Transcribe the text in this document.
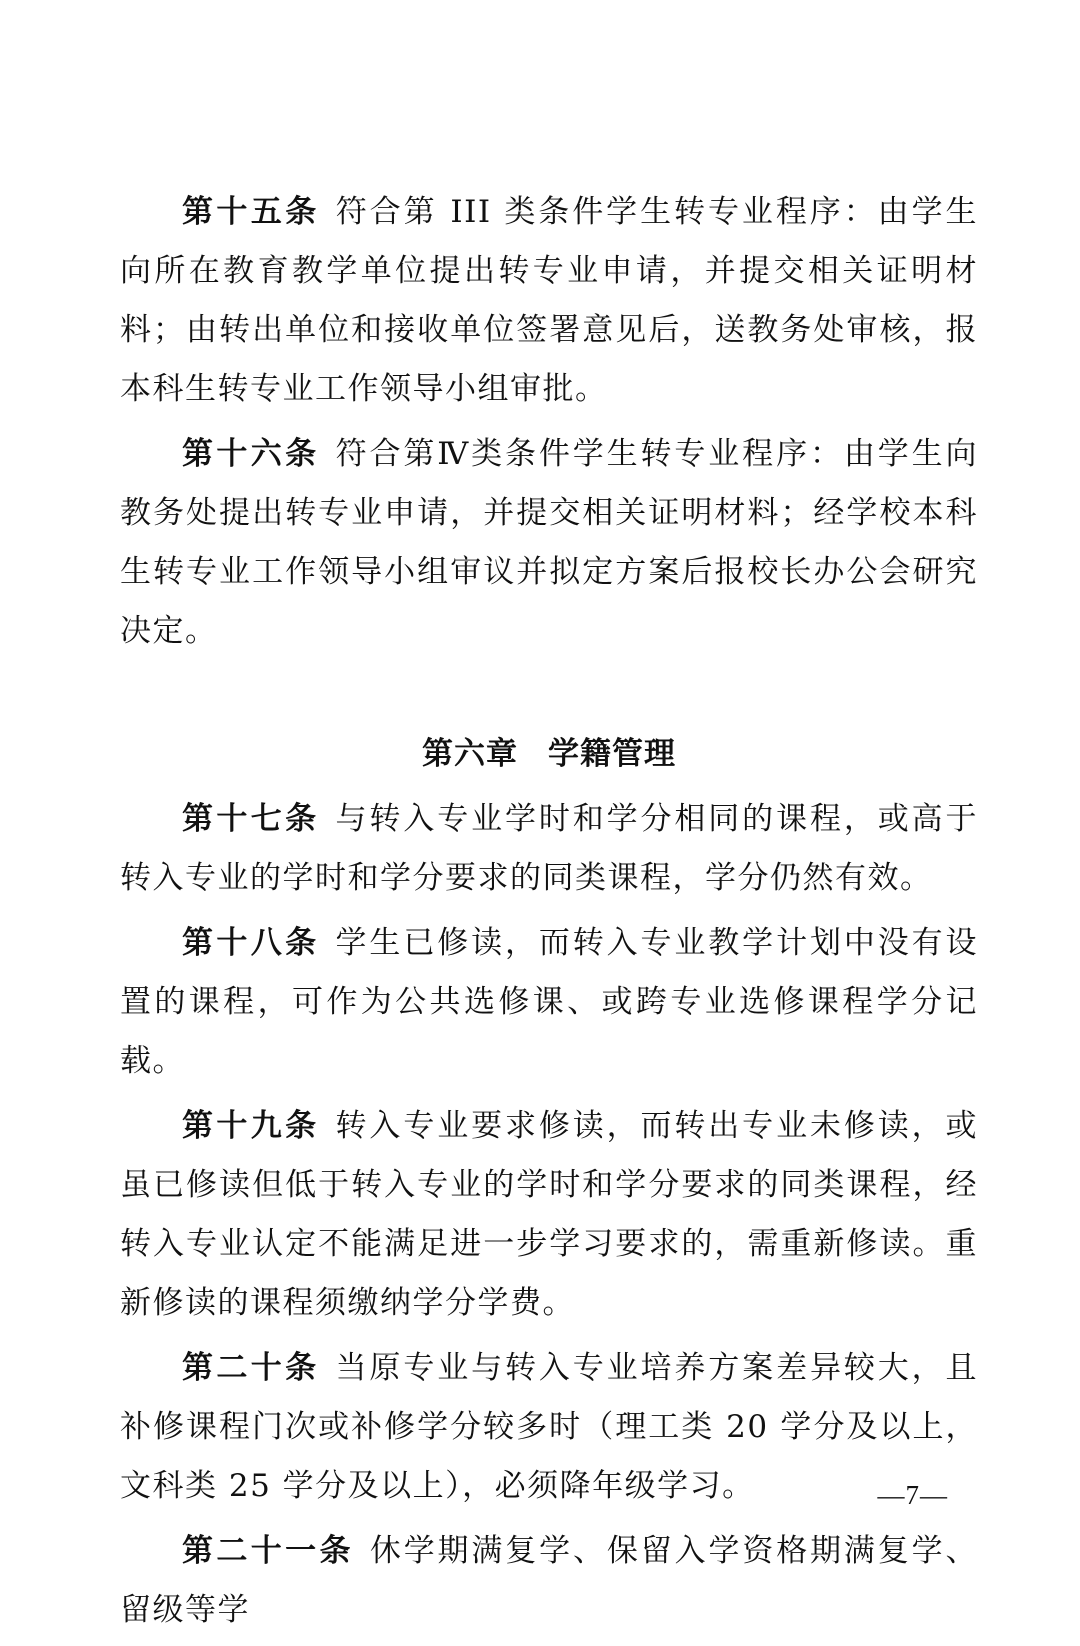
第十五条 符合第 III 类条件学生转专业程序：由学生向所在教育教学单位提出转专业申请，并提交相关证明材料；由转出单位和接收单位签署意见后，送教务处审核，报本科生转专业工作领导小组审批。

第十六条 符合第Ⅳ类条件学生转专业程序：由学生向教务处提出转专业申请，并提交相关证明材料；经学校本科生转专业工作领导小组审议并拟定方案后报校长办公会研究决定。

第六章 学籍管理

第十七条 与转入专业学时和学分相同的课程，或高于转入专业的学时和学分要求的同类课程，学分仍然有效。

第十八条 学生已修读，而转入专业教学计划中没有设置的课程，可作为公共选修课、或跨专业选修课程学分记载。

第十九条 转入专业要求修读，而转出专业未修读，或虽已修读但低于转入专业的学时和学分要求的同类课程，经转入专业认定不能满足进一步学习要求的，需重新修读。重新修读的课程须缴纳学分学费。

第二十条 当原专业与转入专业培养方案差异较大，且补修课程门次或补修学分较多时（理工类 20 学分及以上，文科类 25 学分及以上），必须降年级学习。

第二十一条 休学期满复学、保留入学资格期满复学、留级等学

—7—
